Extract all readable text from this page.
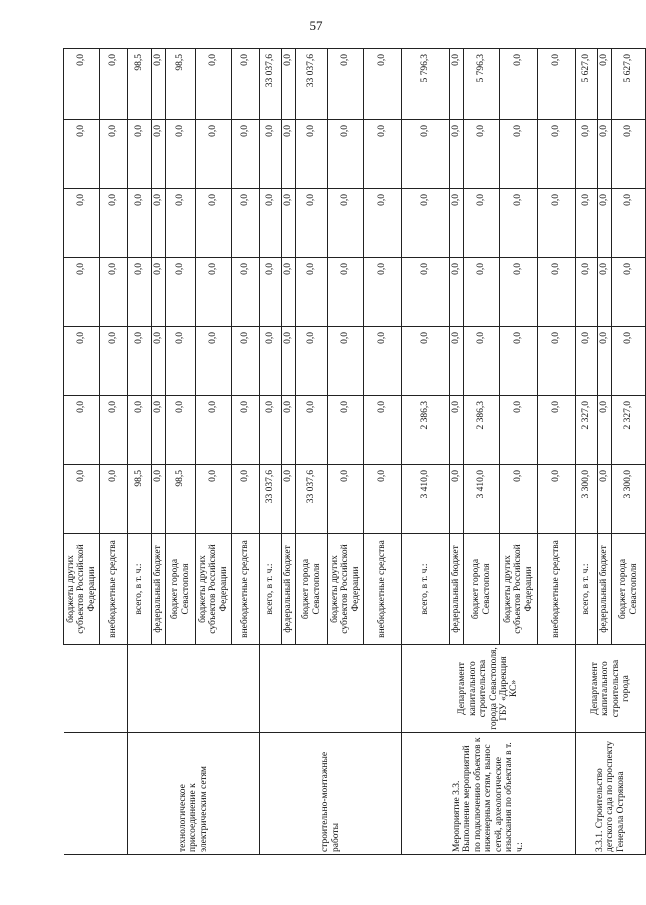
57
		бюджеты других субъектов Российской Федерации	0,0	0,0	0,0	0,0	0,0	0,0	0,0
		внебюджетные средства	0,0	0,0	0,0	0,0	0,0	0,0	0,0
технологическое присоединение к электрическим сетям		всего, в т. ч.:	98,5	0,0	0,0	0,0	0,0	0,0	98,5
		федеральный бюджет	0,0	0,0	0,0	0,0	0,0	0,0	0,0
		бюджет города Севастополя	98,5	0,0	0,0	0,0	0,0	0,0	98,5
		бюджеты других субъектов Российской Федерации	0,0	0,0	0,0	0,0	0,0	0,0	0,0
		внебюджетные средства	0,0	0,0	0,0	0,0	0,0	0,0	0,0
строительно-монтажные работы		всего, в т. ч.:	33 037,6	0,0	0,0	0,0	0,0	0,0	33 037,6
		федеральный бюджет	0,0	0,0	0,0	0,0	0,0	0,0	0,0
		бюджет города Севастополя	33 037,6	0,0	0,0	0,0	0,0	0,0	33 037,6
		бюджеты других субъектов Российской Федерации	0,0	0,0	0,0	0,0	0,0	0,0	0,0
		внебюджетные средства	0,0	0,0	0,0	0,0	0,0	0,0	0,0
Мероприятие 3.3. Выполнение мероприятий по подключению объектов к инженерным сетям, вынос сетей, археологические изыскания по объектам в т. ч.:	Департамент капитального строительства города Севастополя, ГБУ «Дирекция КС»	всего, в т. ч.:	3 410,0	2 386,3	0,0	0,0	0,0	0,0	5 796,3
		федеральный бюджет	0,0	0,0	0,0	0,0	0,0	0,0	0,0
		бюджет города Севастополя	3 410,0	2 386,3	0,0	0,0	0,0	0,0	5 796,3
		бюджеты других субъектов Российской Федерации	0,0	0,0	0,0	0,0	0,0	0,0	0,0
		внебюджетные средства	0,0	0,0	0,0	0,0	0,0	0,0	0,0
3.3.1. Строительство детского сада по проспекту Генерала Острякова	Департамент капитального строительства города	всего, в т. ч.:	3 300,0	2 327,0	0,0	0,0	0,0	0,0	5 627,0
		федеральный бюджет	0,0	0,0	0,0	0,0	0,0	0,0	0,0
		бюджет города Севастополя	3 300,0	2 327,0	0,0	0,0	0,0	0,0	5 627,0
